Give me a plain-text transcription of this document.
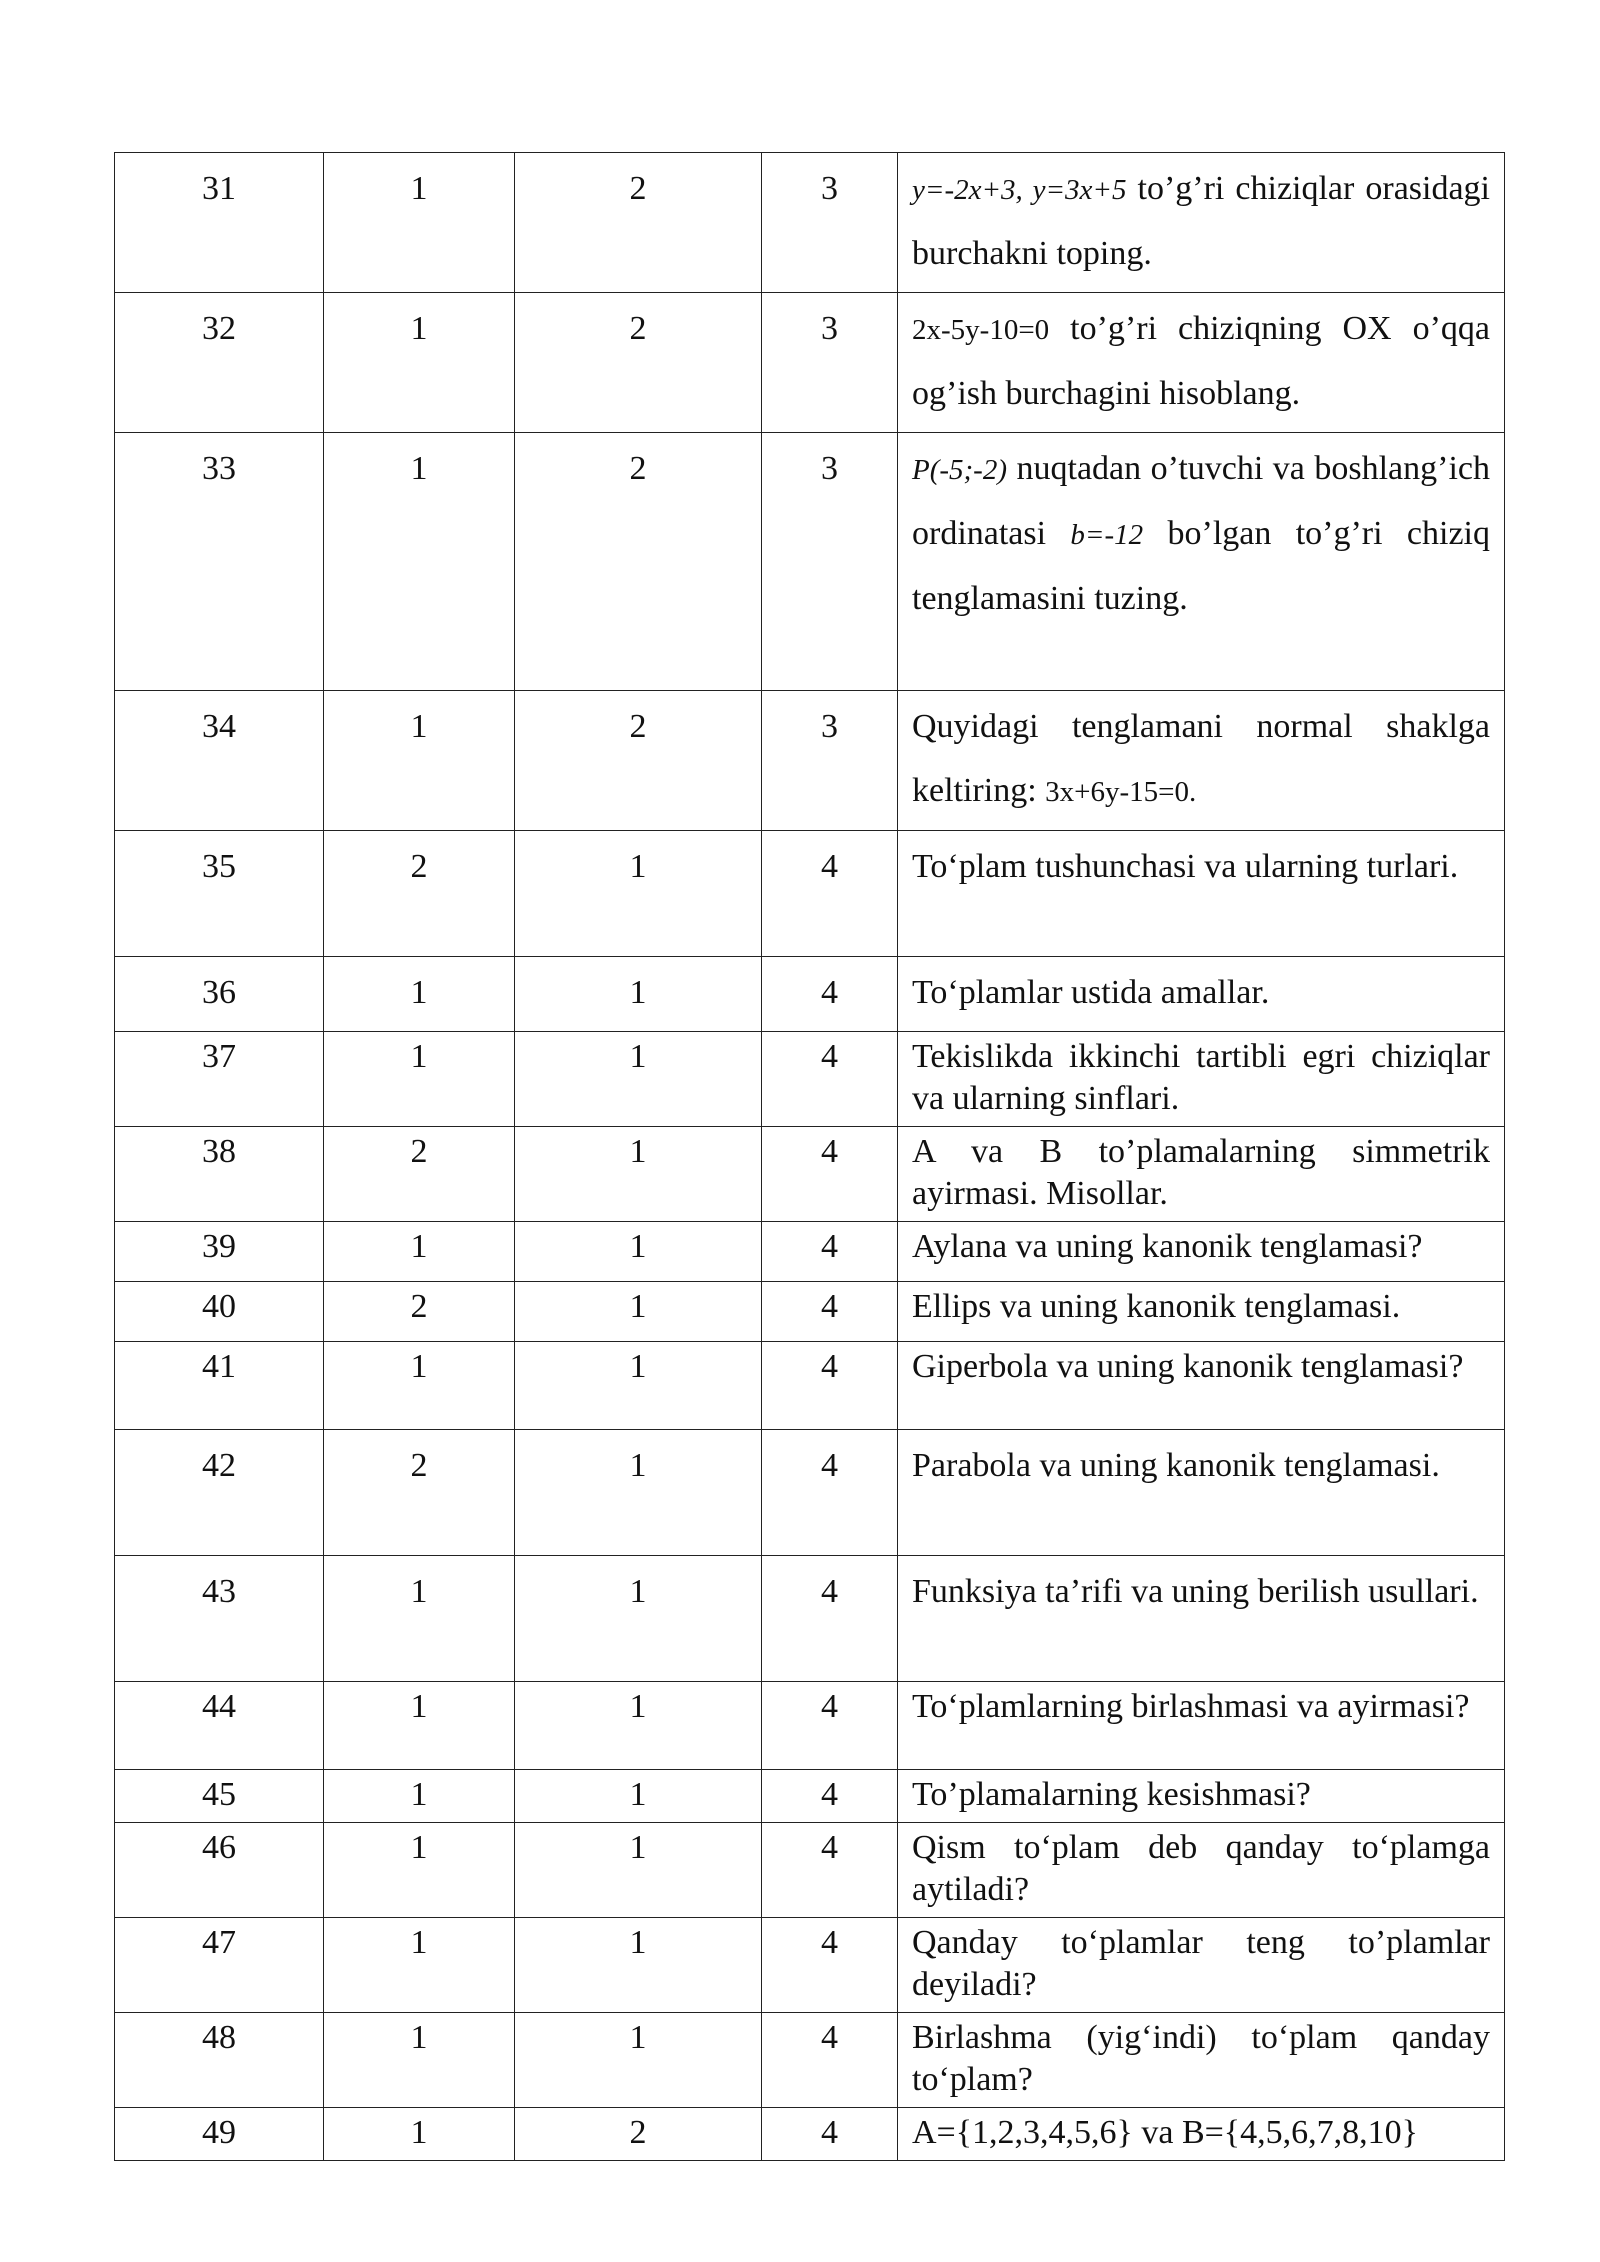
31	1	2	3	y=-2x+3, y=3x+5 to’g’ri chiziqlar orasidagi burchakni toping.
32	1	2	3	2x-5y-10=0 to’g’ri chiziqning OX o’qqa og’ish burchagini hisoblang.
33	1	2	3	P(-5;-2) nuqtadan o’tuvchi va boshlang’ich ordinatasi b=-12 bo’lgan to’g’ri chiziq tenglamasini tuzing.
34	1	2	3	Quyidagi tenglamani normal shaklga keltiring: 3x+6y-15=0.
35	2	1	4	To‘plam tushunchasi va ularning turlari.
36	1	1	4	To‘plamlar ustida amallar.
37	1	1	4	Tekislikda ikkinchi tartibli egri chiziqlar va ularning sinflari.
38	2	1	4	A va B to’plamalarning simmetrik ayirmasi. Misollar.
39	1	1	4	Aylana va uning kanonik tenglamasi?
40	2	1	4	Ellips va uning kanonik tenglamasi.
41	1	1	4	Giperbola va uning kanonik tenglamasi?
42	2	1	4	Parabola va uning kanonik tenglamasi.
43	1	1	4	Funksiya ta’rifi va uning berilish usullari.
44	1	1	4	To‘plamlarning birlashmasi va ayirmasi?
45	1	1	4	To’plamalarning kesishmasi?
46	1	1	4	Qism to‘plam deb qanday to‘plamga aytiladi?
47	1	1	4	Qanday to‘plamlar teng to’plamlar deyiladi?
48	1	1	4	Birlashma (yig‘indi) to‘plam qanday to‘plam?
49	1	2	4	A={1,2,3,4,5,6} va B={4,5,6,7,8,10}
